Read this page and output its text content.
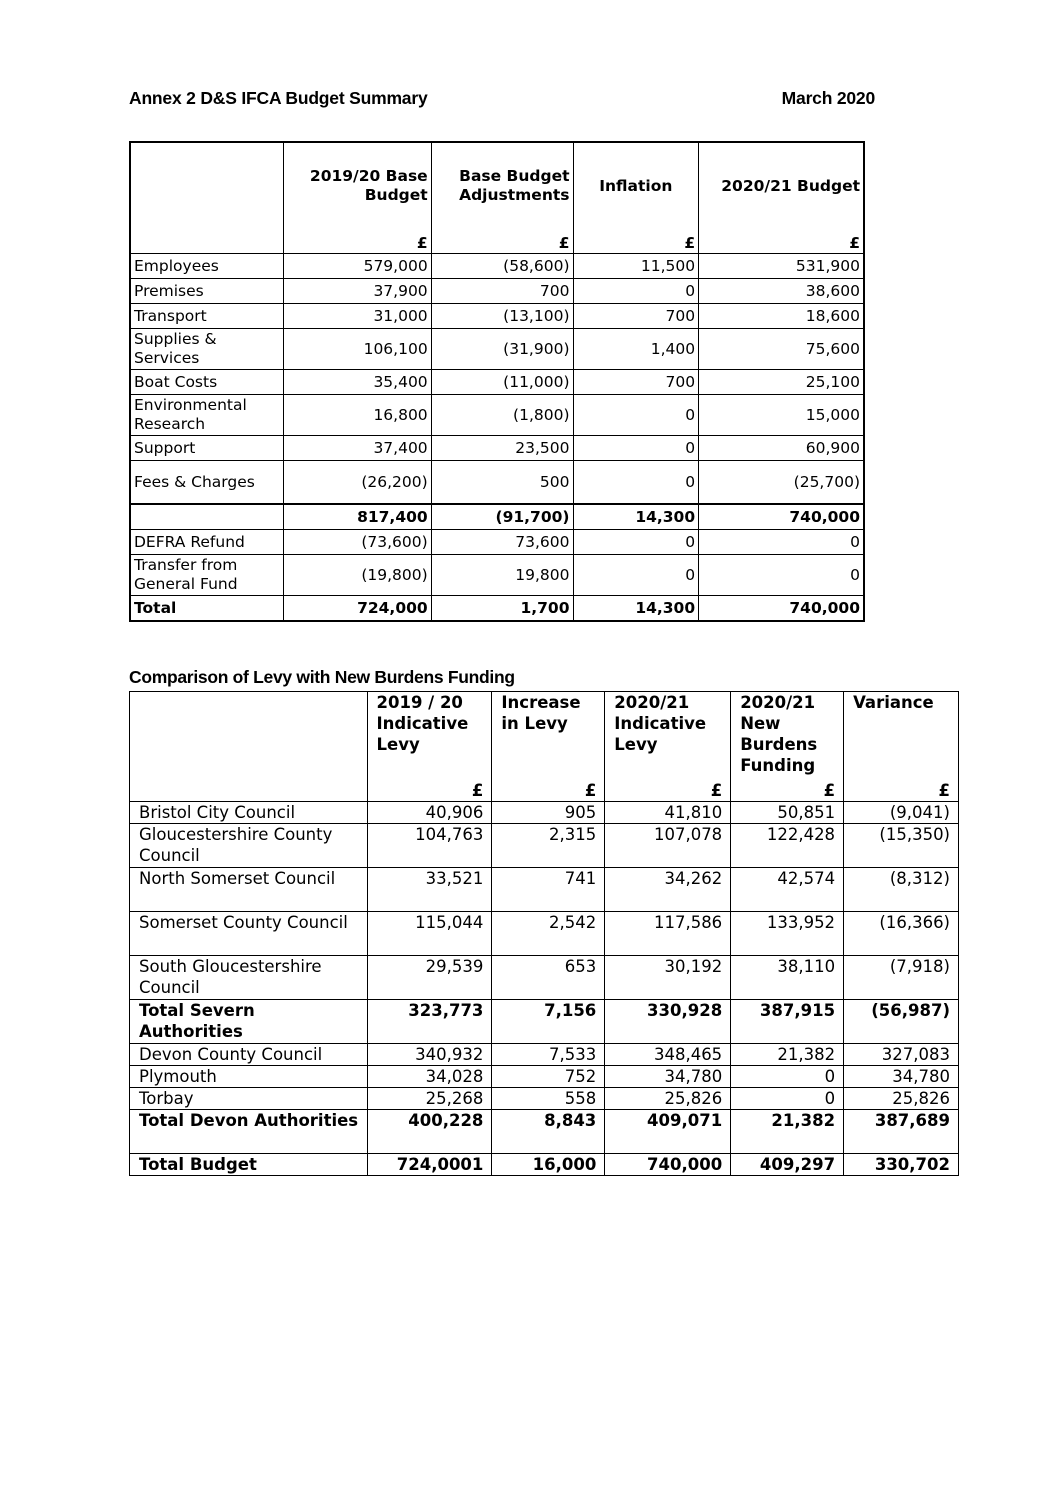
Annex 2 D&S IFCA Budget Summary	March 2020
	2019/20 Base Budget	Base Budget Adjustments	Inflation	2020/21 Budget
	£	£	£	£
Employees	579,000	(58,600)	11,500	531,900
Premises	37,900	700	0	38,600
Transport	31,000	(13,100)	700	18,600
Supplies & Services	106,100	(31,900)	1,400	75,600
Boat Costs	35,400	(11,000)	700	25,100
Environmental Research	16,800	(1,800)	0	15,000
Support	37,400	23,500	0	60,900
Fees & Charges	(26,200)	500	0	(25,700)
	817,400	(91,700)	14,300	740,000
DEFRA Refund	(73,600)	73,600	0	0
Transfer from General Fund	(19,800)	19,800	0	0
Total	724,000	1,700	14,300	740,000
Comparison of Levy with New Burdens Funding
	2019 / 20 Indicative Levy	Increase in Levy	2020/21 Indicative Levy	2020/21 New Burdens Funding	Variance
	£	£	£	£	£
Bristol City Council	40,906	905	41,810	50,851	(9,041)
Gloucestershire County Council	104,763	2,315	107,078	122,428	(15,350)
North Somerset Council	33,521	741	34,262	42,574	(8,312)
Somerset County Council	115,044	2,542	117,586	133,952	(16,366)
South Gloucestershire Council	29,539	653	30,192	38,110	(7,918)
Total Severn Authorities	323,773	7,156	330,928	387,915	(56,987)
Devon County Council	340,932	7,533	348,465	21,382	327,083
Plymouth	34,028	752	34,780	0	34,780
Torbay	25,268	558	25,826	0	25,826
Total Devon Authorities	400,228	8,843	409,071	21,382	387,689
Total Budget	724,0001	16,000	740,000	409,297	330,702
